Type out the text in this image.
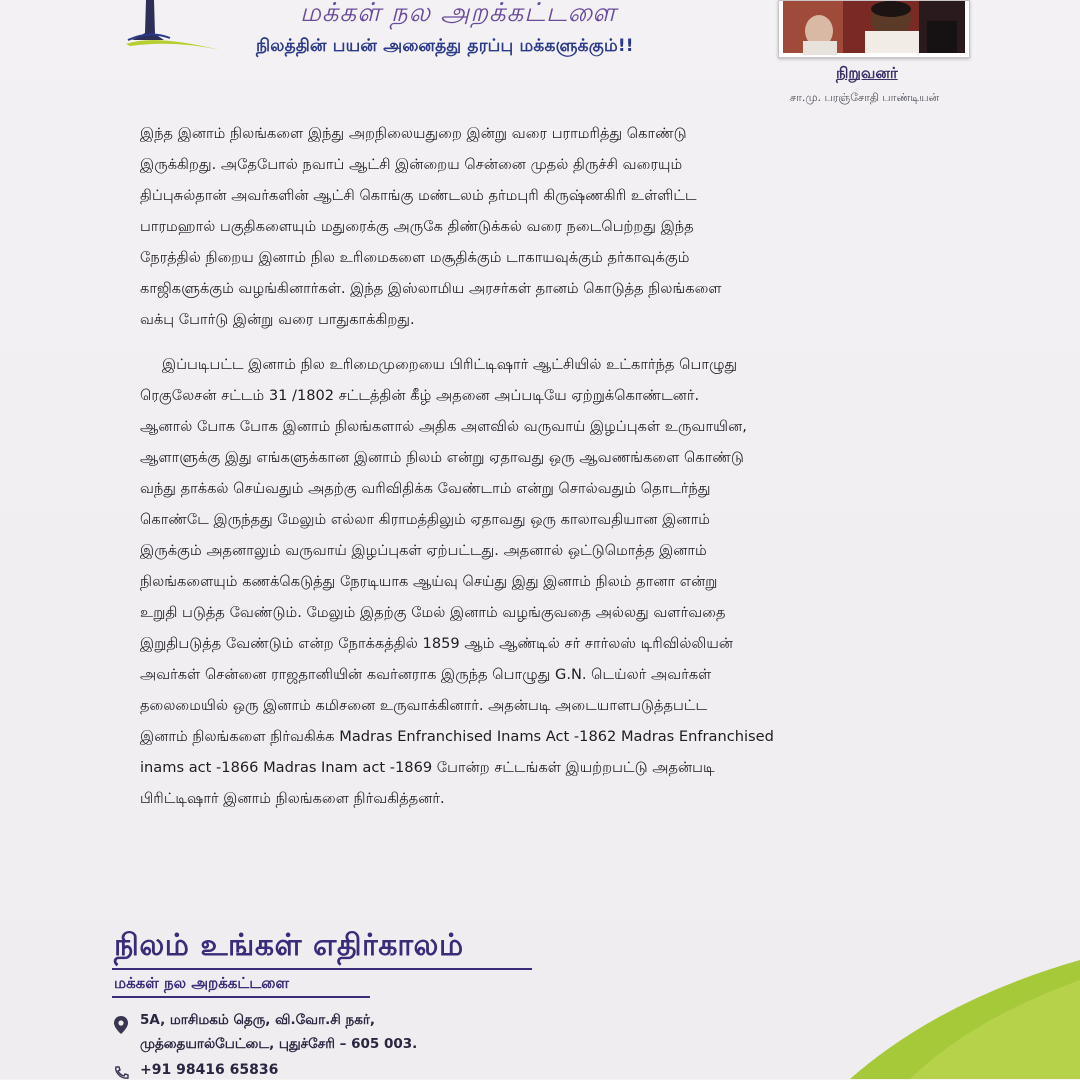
மக்கள் நல அறக்கட்டளை
நிலத்தின் பயன் அனைத்து தரப்பு மக்களுக்கும்!!
நிறுவனர்
சா.மு. பரஞ்சோதி பாண்டியன்

இந்த இனாம் நிலங்களை இந்து அறநிலையதுறை இன்று வரை பராமரித்து கொண்டு
இருக்கிறது. அதேபோல் நவாப் ஆட்சி இன்றைய சென்னை முதல் திருச்சி வரையும்
திப்புசுல்தான் அவர்களின் ஆட்சி கொங்கு மண்டலம் தர்மபுரி கிருஷ்ணகிரி உள்ளிட்ட
பாரமஹால் பகுதிகளையும் மதுரைக்கு அருகே திண்டுக்கல் வரை நடைபெற்றது இந்த
நேரத்தில் நிறைய இனாம் நில உரிமைகளை மசூதிக்கும் டாகாயவுக்கும் தர்காவுக்கும்
காஜிகளுக்கும் வழங்கினார்கள். இந்த இஸ்லாமிய அரசர்கள் தானம் கொடுத்த நிலங்களை
வக்பு போர்டு இன்று வரை பாதுகாக்கிறது.

இப்படிபட்ட இனாம் நில உரிமைமுறையை பிரிட்டிஷார் ஆட்சியில் உட்கார்ந்த பொழுது
ரெகுலேசன் சட்டம் 31 /1802 சட்டத்தின் கீழ் அதனை அப்படியே ஏற்றுக்கொண்டனர்.
ஆனால் போக போக இனாம் நிலங்களால் அதிக அளவில் வருவாய் இழப்புகள் உருவாயின,
ஆளாளுக்கு இது எங்களுக்கான இனாம் நிலம் என்று ஏதாவது ஒரு ஆவணங்களை கொண்டு
வந்து தாக்கல் செய்வதும் அதற்கு வரிவிதிக்க வேண்டாம் என்று சொல்வதும் தொடர்ந்து
கொண்டே இருந்தது மேலும் எல்லா கிராமத்திலும் ஏதாவது ஒரு காலாவதியான இனாம்
இருக்கும் அதனாலும் வருவாய் இழப்புகள் ஏற்பட்டது. அதனால் ஒட்டுமொத்த இனாம்
நிலங்களையும் கணக்கெடுத்து நேரடியாக ஆய்வு செய்து இது இனாம் நிலம் தானா என்று
உறுதி படுத்த வேண்டும். மேலும் இதற்கு மேல் இனாம் வழங்குவதை அல்லது வளர்வதை
இறுதிபடுத்த வேண்டும் என்ற நோக்கத்தில் 1859 ஆம் ஆண்டில் சர் சார்லஸ் டிரிவில்லியன்
அவர்கள் சென்னை ராஜதானியின் கவர்னராக இருந்த பொழுது G.N. டெய்லர் அவர்கள்
தலைமையில் ஒரு இனாம் கமிசனை உருவாக்கினார். அதன்படி அடையாளபடுத்தபட்ட
இனாம் நிலங்களை நிர்வகிக்க Madras Enfranchised Inams Act -1862 Madras Enfranchised
inams act -1866 Madras Inam act -1869 போன்ற சட்டங்கள் இயற்றபட்டு அதன்படி
பிரிட்டிஷார் இனாம் நிலங்களை நிர்வகித்தனர்.

நிலம் உங்கள் எதிர்காலம்
மக்கள் நல அறக்கட்டளை
5A, மாசிமகம் தெரு, வி.வோ.சி நகர்,
முத்தையால்பேட்டை, புதுச்சேரி – 605 003.
+91 98416 65836
